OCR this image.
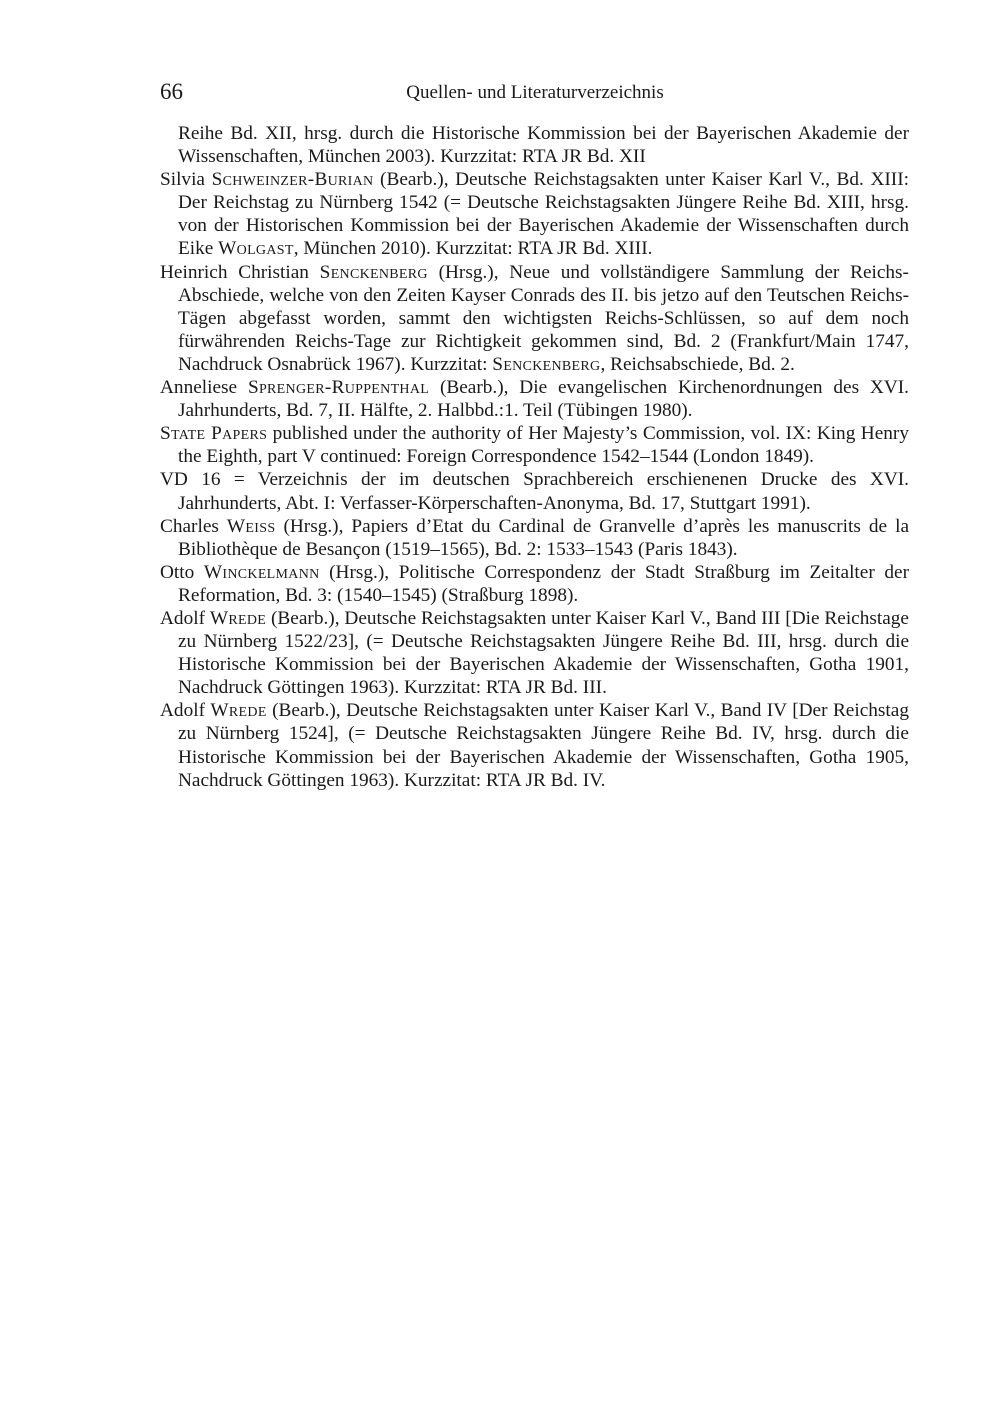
66	Quellen- und Literaturverzeichnis

Reihe Bd. XII, hrsg. durch die Historische Kommission bei der Bayerischen Akademie der Wissenschaften, München 2003). Kurzzitat: RTA JR Bd. XII

Silvia Schweinzer-Burian (Bearb.), Deutsche Reichstagsakten unter Kaiser Karl V., Bd. XIII: Der Reichstag zu Nürnberg 1542 (= Deutsche Reichstagsakten Jüngere Reihe Bd. XIII, hrsg. von der Historischen Kommission bei der Bayerischen Akademie der Wissenschaften durch Eike Wolgast, München 2010). Kurzzitat: RTA JR Bd. XIII.

Heinrich Christian Senckenberg (Hrsg.), Neue und vollständigere Sammlung der Reichs-Abschiede, welche von den Zeiten Kayser Conrads des II. bis jetzo auf den Teutschen Reichs-Tägen abgefasst worden, sammt den wichtigsten Reichs-Schlüssen, so auf dem noch fürwährenden Reichs-Tage zur Richtigkeit gekommen sind, Bd. 2 (Frankfurt/Main 1747, Nachdruck Osnabrück 1967). Kurzzitat: Senckenberg, Reichsabschiede, Bd. 2.

Anneliese Sprenger-Ruppenthal (Bearb.), Die evangelischen Kirchenordnungen des XVI. Jahrhunderts, Bd. 7, II. Hälfte, 2. Halbbd.:1. Teil (Tübingen 1980).

State Papers published under the authority of Her Majesty’s Commission, vol. IX: King Henry the Eighth, part V continued: Foreign Correspondence 1542–1544 (London 1849).

VD 16 = Verzeichnis der im deutschen Sprachbereich erschienenen Drucke des XVI. Jahrhunderts, Abt. I: Verfasser-Körperschaften-Anonyma, Bd. 17, Stuttgart 1991).

Charles Weiss (Hrsg.), Papiers d’Etat du Cardinal de Granvelle d’après les manuscrits de la Bibliothèque de Besançon (1519–1565), Bd. 2: 1533–1543 (Paris 1843).

Otto Winckelmann (Hrsg.), Politische Correspondenz der Stadt Straßburg im Zeitalter der Reformation, Bd. 3: (1540–1545) (Straßburg 1898).

Adolf Wrede (Bearb.), Deutsche Reichstagsakten unter Kaiser Karl V., Band III [Die Reichstage zu Nürnberg 1522/23], (= Deutsche Reichstagsakten Jüngere Reihe Bd. III, hrsg. durch die Historische Kommission bei der Bayerischen Akademie der Wissenschaften, Gotha 1901, Nachdruck Göttingen 1963). Kurzzitat: RTA JR Bd. III.

Adolf Wrede (Bearb.), Deutsche Reichstagsakten unter Kaiser Karl V., Band IV [Der Reichstag zu Nürnberg 1524], (= Deutsche Reichstagsakten Jüngere Reihe Bd. IV, hrsg. durch die Historische Kommission bei der Bayerischen Akademie der Wissenschaften, Gotha 1905, Nachdruck Göttingen 1963). Kurzzitat: RTA JR Bd. IV.
